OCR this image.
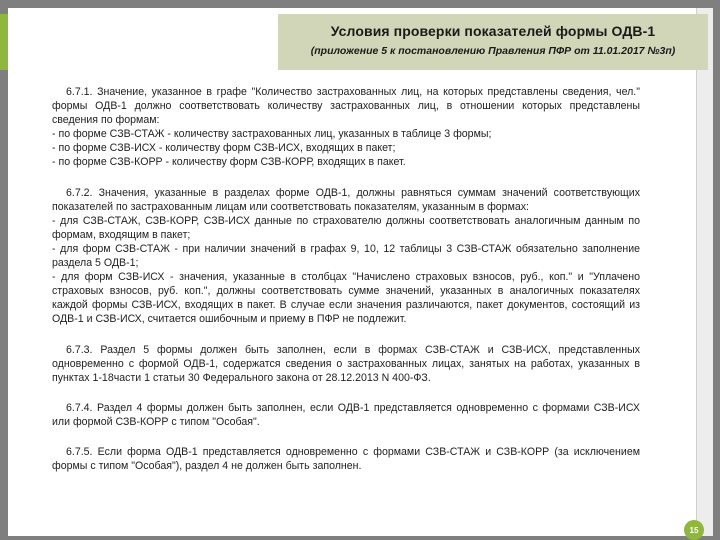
Условия проверки показателей формы ОДВ-1
(приложение 5 к постановлению Правления ПФР от 11.01.2017 №3п)

6.7.1. Значение, указанное в графе "Количество застрахованных лиц, на которых представлены сведения, чел." формы ОДВ-1 должно соответствовать количеству застрахованных лиц, в отношении которых представлены сведения по формам:

- по форме СЗВ-СТАЖ - количеству застрахованных лиц, указанных в таблице 3 формы;

- по форме СЗВ-ИСХ - количеству форм СЗВ-ИСХ, входящих в пакет;

- по форме СЗВ-КОРР - количеству форм СЗВ-КОРР, входящих в пакет.

6.7.2. Значения, указанные в разделах форме ОДВ-1, должны равняться суммам значений соответствующих показателей по застрахованным лицам или соответствовать показателям, указанным в формах:

- для СЗВ-СТАЖ, СЗВ-КОРР, СЗВ-ИСХ данные по страхователю должны соответствовать аналогичным данным по формам, входящим в пакет;

- для форм СЗВ-СТАЖ - при наличии значений в графах 9, 10, 12 таблицы 3 СЗВ-СТАЖ обязательно заполнение раздела 5 ОДВ-1;

- для форм СЗВ-ИСХ - значения, указанные в столбцах "Начислено страховых взносов, руб., коп." и "Уплачено страховых взносов, руб. коп.", должны соответствовать сумме значений, указанных в аналогичных показателях каждой формы СЗВ-ИСХ, входящих в пакет. В случае если значения различаются, пакет документов, состоящий из ОДВ-1 и СЗВ-ИСХ, считается ошибочным и приему в ПФР не подлежит.

6.7.3. Раздел 5 формы должен быть заполнен, если в формах СЗВ-СТАЖ и СЗВ-ИСХ, представленных одновременно с формой ОДВ-1, содержатся сведения о застрахованных лицах, занятых на работах, указанных в пунктах 1-18части 1 статьи 30 Федерального закона от 28.12.2013 N 400-ФЗ.

6.7.4. Раздел 4 формы должен быть заполнен, если ОДВ-1 представляется одновременно с формами СЗВ-ИСХ или формой СЗВ-КОРР с типом "Особая".

6.7.5. Если форма ОДВ-1 представляется одновременно с формами СЗВ-СТАЖ и СЗВ-КОРР (за исключением формы с типом "Особая"), раздел 4 не должен быть заполнен.

15
